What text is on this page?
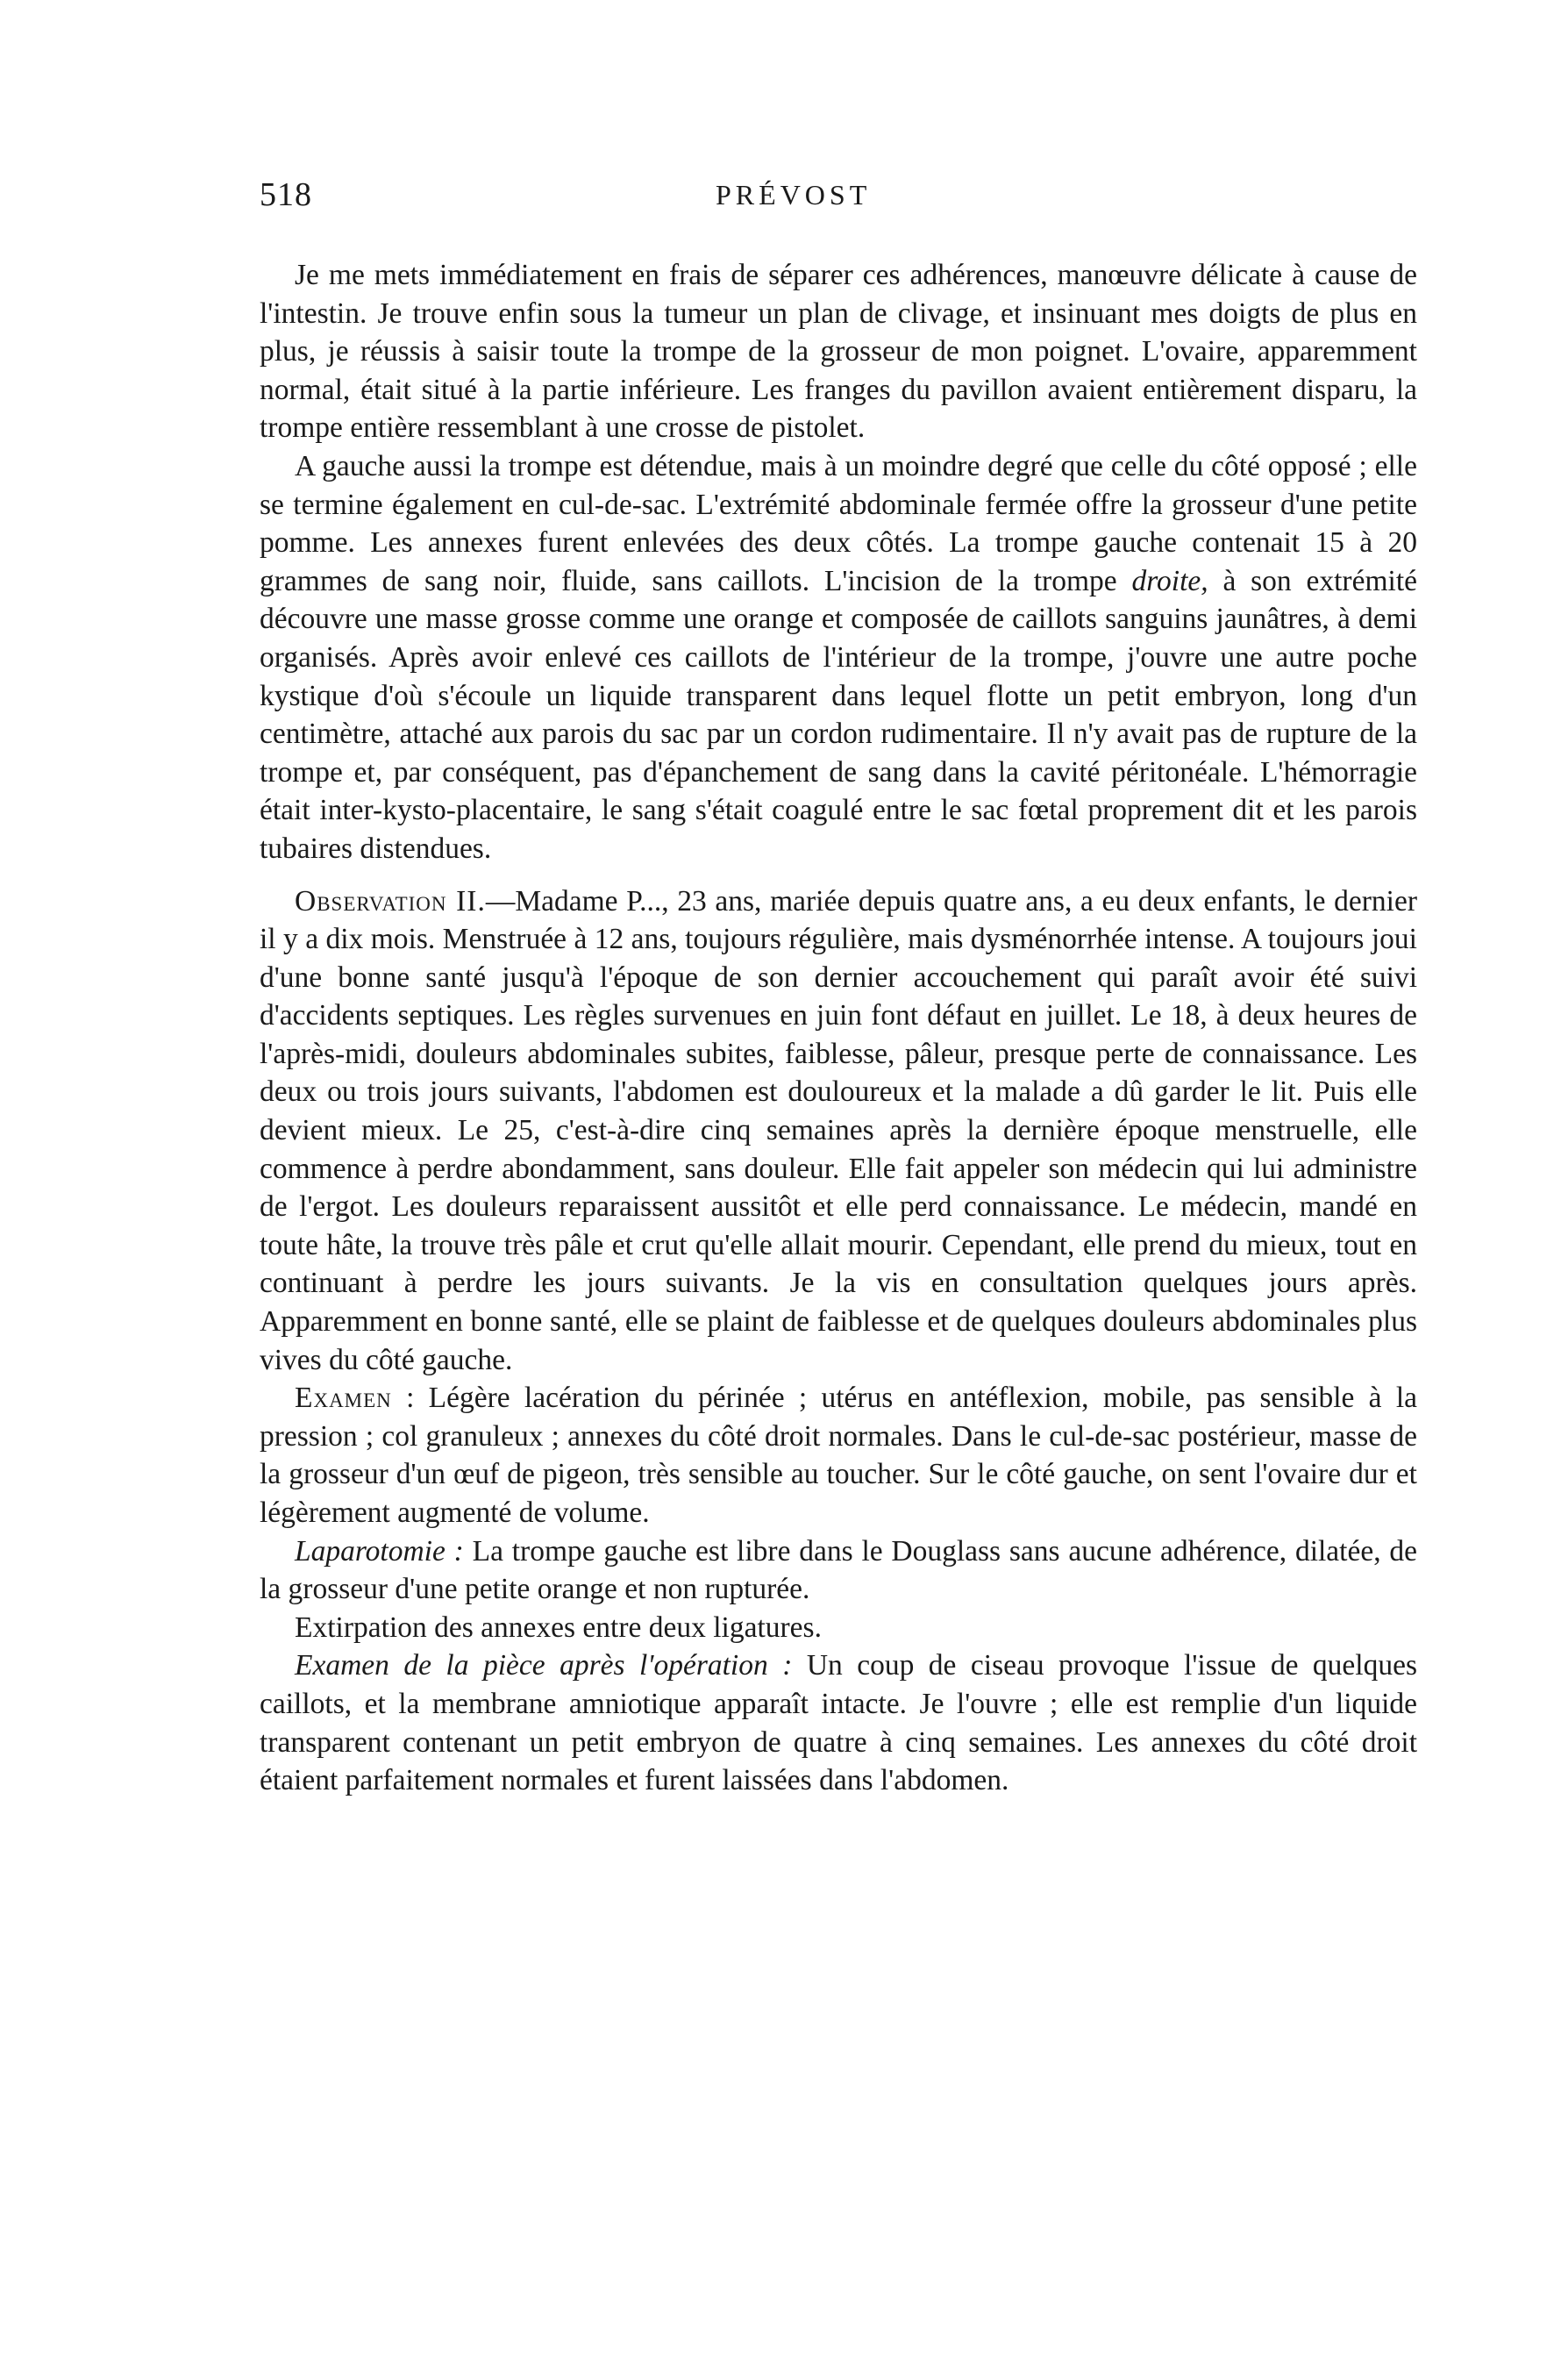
518	PRÉVOST

Je me mets immédiatement en frais de séparer ces adhérences, manœuvre délicate à cause de l'intestin. Je trouve enfin sous la tumeur un plan de clivage, et insinuant mes doigts de plus en plus, je réussis à saisir toute la trompe de la grosseur de mon poignet. L'ovaire, apparemment normal, était situé à la partie inférieure. Les franges du pavillon avaient entièrement disparu, la trompe entière ressemblant à une crosse de pistolet.

A gauche aussi la trompe est détendue, mais à un moindre degré que celle du côté opposé ; elle se termine également en cul-de-sac. L'extrémité abdominale fermée offre la grosseur d'une petite pomme. Les annexes furent enlevées des deux côtés. La trompe gauche contenait 15 à 20 grammes de sang noir, fluide, sans caillots. L'incision de la trompe droite, à son extrémité découvre une masse grosse comme une orange et composée de caillots sanguins jaunâtres, à demi organisés. Après avoir enlevé ces caillots de l'intérieur de la trompe, j'ouvre une autre poche kystique d'où s'écoule un liquide transparent dans lequel flotte un petit embryon, long d'un centimètre, attaché aux parois du sac par un cordon rudimentaire. Il n'y avait pas de rupture de la trompe et, par conséquent, pas d'épanchement de sang dans la cavité péritonéale. L'hémorragie était inter-kysto-placentaire, le sang s'était coagulé entre le sac fœtal proprement dit et les parois tubaires distendues.

Observation II.—Madame P..., 23 ans, mariée depuis quatre ans, a eu deux enfants, le dernier il y a dix mois. Menstruée à 12 ans, toujours régulière, mais dysménorrhée intense. A toujours joui d'une bonne santé jusqu'à l'époque de son dernier accouchement qui paraît avoir été suivi d'accidents septiques. Les règles survenues en juin font défaut en juillet. Le 18, à deux heures de l'après-midi, douleurs abdominales subites, faiblesse, pâleur, presque perte de connaissance. Les deux ou trois jours suivants, l'abdomen est douloureux et la malade a dû garder le lit. Puis elle devient mieux. Le 25, c'est-à-dire cinq semaines après la dernière époque menstruelle, elle commence à perdre abondamment, sans douleur. Elle fait appeler son médecin qui lui administre de l'ergot. Les douleurs reparaissent aussitôt et elle perd connaissance. Le médecin, mandé en toute hâte, la trouve très pâle et crut qu'elle allait mourir. Cependant, elle prend du mieux, tout en continuant à perdre les jours suivants. Je la vis en consultation quelques jours après. Apparemment en bonne santé, elle se plaint de faiblesse et de quelques douleurs abdominales plus vives du côté gauche.

Examen : Légère lacération du périnée ; utérus en antéflexion, mobile, pas sensible à la pression ; col granuleux ; annexes du côté droit normales. Dans le cul-de-sac postérieur, masse de la grosseur d'un œuf de pigeon, très sensible au toucher. Sur le côté gauche, on sent l'ovaire dur et légèrement augmenté de volume.

Laparotomie : La trompe gauche est libre dans le Douglass sans aucune adhérence, dilatée, de la grosseur d'une petite orange et non rupturée.

Extirpation des annexes entre deux ligatures.

Examen de la pièce après l'opération : Un coup de ciseau provoque l'issue de quelques caillots, et la membrane amniotique apparaît intacte. Je l'ouvre ; elle est remplie d'un liquide transparent contenant un petit embryon de quatre à cinq semaines. Les annexes du côté droit étaient parfaitement normales et furent laissées dans l'abdomen.
